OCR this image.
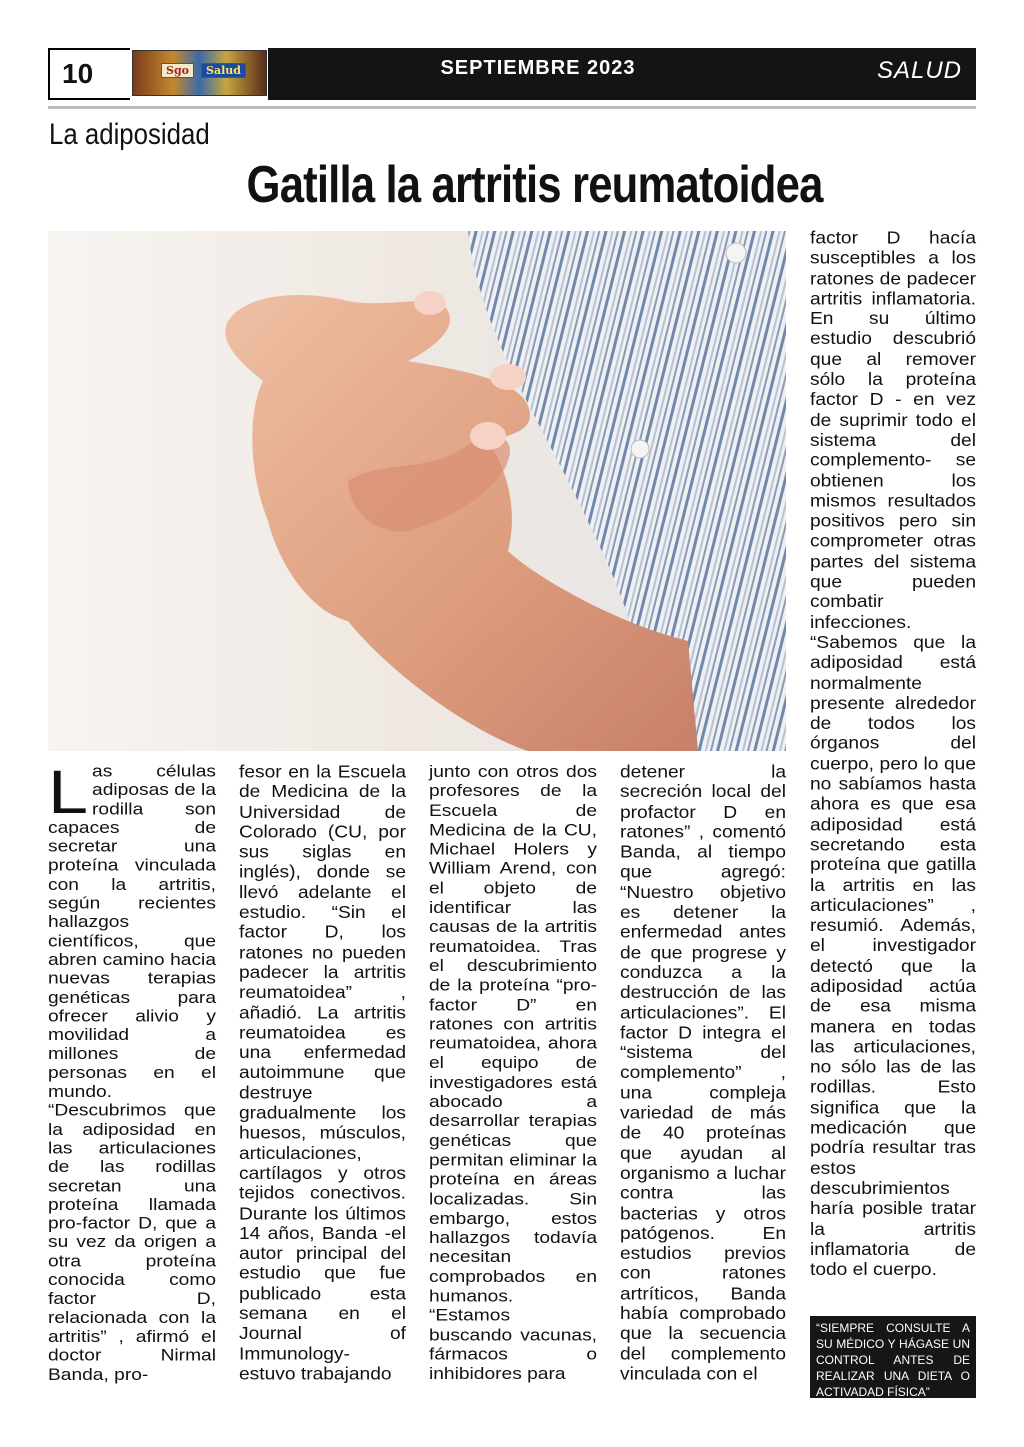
10	Sgo	Salud	SEPTIEMBRE 2023	SALUD
La adiposidad
Gatilla la artritis reumatoidea
L as células adiposas de la rodilla son capaces de secretar una proteína vinculada con la artritis, según recientes hallazgos científicos, que abren camino hacia nuevas terapias genéticas para ofrecer alivio y movilidad a millones de personas en el mundo. “Descubrimos que la adiposidad en las articulaciones de las rodillas secretan una proteína llamada pro-factor D, que a su vez da origen a otra proteína conocida como factor D, relacionada con la artritis” , afirmó el doctor Nirmal Banda, pro-

fesor en la Escuela de Medicina de la Universidad de Colorado (CU, por sus siglas en inglés), donde se llevó adelante el estudio. “Sin el factor D, los ratones no pueden padecer la artritis reumatoidea” , añadió. La artritis reumatoidea es una enfermedad autoimmune que destruye gradualmente los huesos, músculos, articulaciones, cartílagos y otros tejidos conectivos. Durante los últimos 14 años, Banda -el autor principal del estudio que fue publicado esta semana en el Journal of Immunology- estuvo trabajando

junto con otros dos profesores de la Escuela de Medicina de la CU, Michael Holers y William Arend, con el objeto de identificar las causas de la artritis reumatoidea. Tras el descubrimiento de la proteína “pro-factor D” en ratones con artritis reumatoidea, ahora el equipo de investigadores está abocado a desarrollar terapias genéticas que permitan eliminar la proteína en áreas localizadas. Sin embargo, estos hallazgos todavía necesitan comprobados en humanos. “Estamos buscando vacunas, fármacos o inhibidores para

detener la secreción local del profactor D en ratones” , comentó Banda, al tiempo que agregó: “Nuestro objetivo es detener la enfermedad antes de que progrese y conduzca a la destrucción de las articulaciones”. El factor D integra el “sistema del complemento” , una compleja variedad de más de 40 proteínas que ayudan al organismo a luchar contra las bacterias y otros patógenos. En estudios previos con ratones artríticos, Banda había comprobado que la secuencia del complemento vinculada con el

factor D hacía susceptibles a los ratones de padecer artritis inflamatoria. En su último estudio descubrió que al remover sólo la proteína factor D - en vez de suprimir todo el sistema del complemento- se obtienen los mismos resultados positivos pero sin comprometer otras partes del sistema que pueden combatir infecciones. “Sabemos que la adiposidad está normalmente presente alrededor de todos los órganos del cuerpo, pero lo que no sabíamos hasta ahora es que esa adiposidad está secretando esta proteína que gatilla la artritis en las articulaciones” , resumió. Además, el investigador detectó que la adiposidad actúa de esa misma manera en todas las articulaciones, no sólo las de las rodillas. Esto significa que la medicación que podría resultar tras estos descubrimientos haría posible tratar la artritis inflamatoria de todo el cuerpo.

“SIEMPRE CONSULTE A SU MÉDICO Y HÁGASE UN CONTROL ANTES DE REALIZAR UNA DIETA O ACTIVADAD FÍSICA”
